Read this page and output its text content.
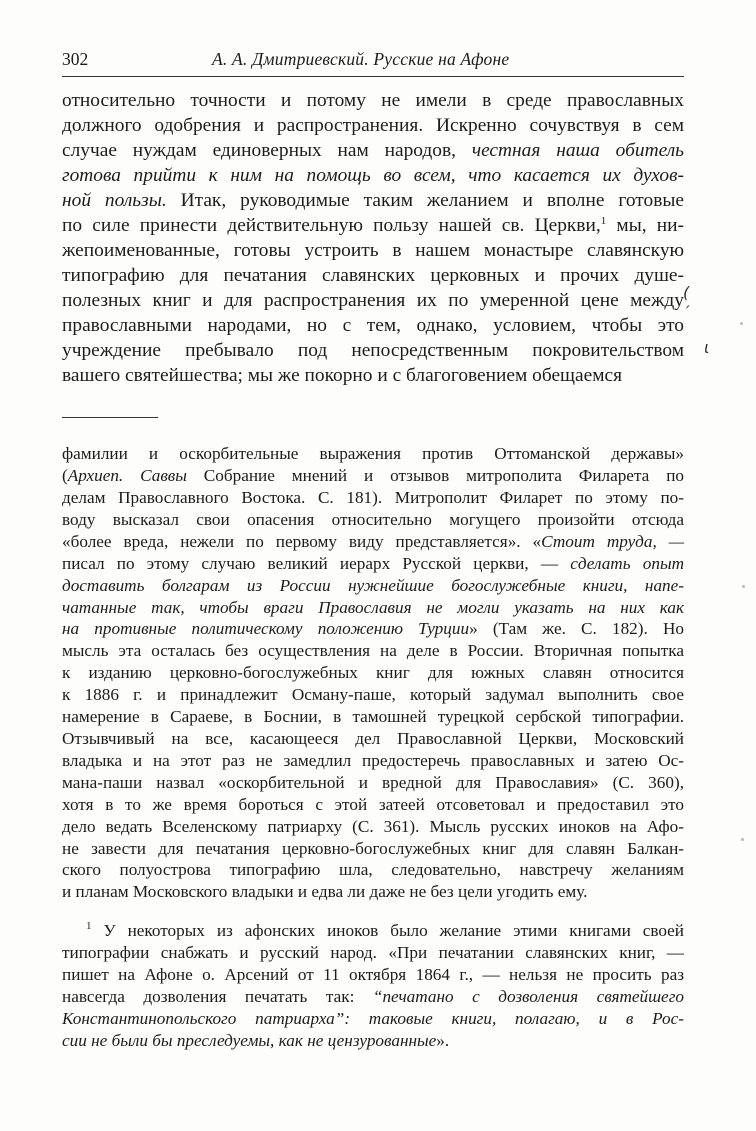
302	А. А. Дмитриевский. Русские на Афоне

относительно точности и потому не имели в среде православных
должного одобрения и распространения. Искренно сочувствуя в сем
случае нуждам единоверных нам народов, честная наша обитель
готова прийти к ним на помощь во всем, что касается их духов-
ной пользы. Итак, руководимые таким желанием и вполне готовые
по силе принести действительную пользу нашей св. Церкви,$^1$ мы, ни-
жепоименованные, готовы устроить в нашем монастыре славянскую
типографию для печатания славянских церковных и прочих душе-
полезных книг и для распространения их по умеренной цене между
православными народами, но с тем, однако, условием, чтобы это
учреждение пребывало под непосредственным покровительством
вашего святейшества; мы же покорно и с благоговением обещаемся

фамилии и оскорбительные выражения против Оттоманской державы»
(Архиеп. Саввы Собрание мнений и отзывов митрополита Филарета по
делам Православного Востока. С. 181). Митрополит Филарет по этому по-
воду высказал свои опасения относительно могущего произойти отсюда
«более вреда, нежели по первому виду представляется». «Стоит труда, —
писал по этому случаю великий иерарх Русской церкви, — сделать опыт
доставить болгарам из России нужнейшие богослужебные книги, напе-
чатанные так, чтобы враги Православия не могли указать на них как
на противные политическому положению Турции» (Там же. С. 182). Но
мысль эта осталась без осуществления на деле в России. Вторичная попытка
к изданию церковно-богослужебных книг для южных славян относится
к 1886 г. и принадлежит Осману-паше, который задумал выполнить свое
намерение в Сараеве, в Боснии, в тамошней турецкой сербской типографии.
Отзывчивый на все, касающееся дел Православной Церкви, Московский
владыка и на этот раз не замедлил предостеречь православных и затею Ос-
мана-паши назвал «оскорбительной и вредной для Православия» (С. 360),
хотя в то же время бороться с этой затеей отсоветовал и предоставил это
дело ведать Вселенскому патриарху (С. 361). Мысль русских иноков на Афо-
не завести для печатания церковно-богослужебных книг для славян Балкан-
ского полуострова типографию шла, следовательно, навстречу желаниям
и планам Московского владыки и едва ли даже не без цели угодить ему.

$^1$ У некоторых из афонских иноков было желание этими книгами своей
типографии снабжать и русский народ. «При печатании славянских книг, —
пишет на Афоне о. Арсений от 11 октября 1864 г., — нельзя не просить раз
навсегда дозволения печатать так: “печатано с дозволения святейшего
Константинопольского патриарха”: таковые книги, полагаю, и в Рос-
сии не были бы преследуемы, как не цензурованные».

(
′
ι
